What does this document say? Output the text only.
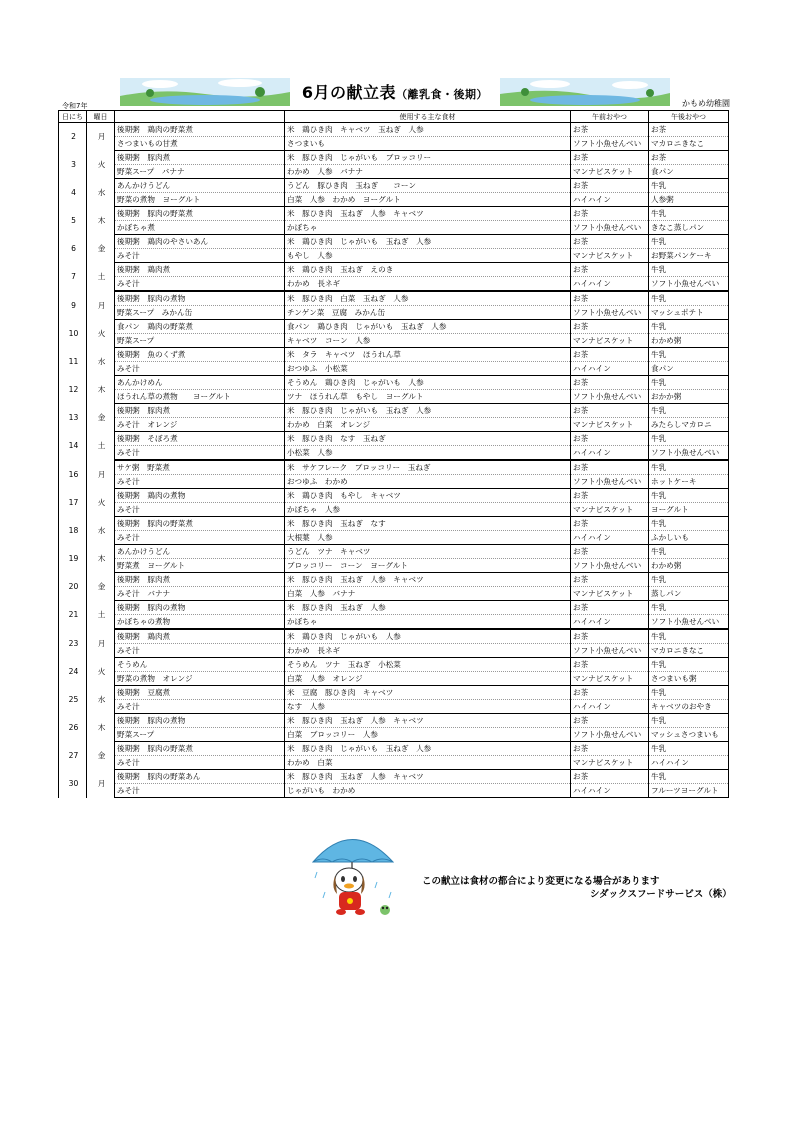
6月の献立表（離乳食・後期）
令和7年	かもめ幼稚園
日にち	曜日		使用する主な食材	午前おやつ	午後おやつ
2	月	後期粥　鶏肉の野菜煮	米　鶏ひき肉　キャベツ　玉ねぎ　人参	お茶	お茶
		さつまいもの甘煮	さつまいも	ソフト小魚せんべい	マカロニきなこ
3	火	後期粥　豚肉煮	米　豚ひき肉　じゃがいも　ブロッコリー	お茶	お茶
		野菜スープ　バナナ	わかめ　人参　バナナ	マンナビスケット	食パン
4	水	あんかけうどん	うどん　豚ひき肉　玉ねぎ　　コーン	お茶	牛乳
		野菜の煮物　ヨーグルト	白菜　人参　わかめ　ヨーグルト	ハイハイン	人参粥
5	木	後期粥　豚肉の野菜煮	米　豚ひき肉　玉ねぎ　人参　キャベツ	お茶	牛乳
		かぼちゃ煮	かぼちゃ	ソフト小魚せんべい	きなこ蒸しパン
6	金	後期粥　鶏肉のやさいあん	米　鶏ひき肉　じゃがいも　玉ねぎ　人参	お茶	牛乳
		みそ汁	もやし　人参	マンナビスケット	お野菜パンケーキ
7	土	後期粥　鶏肉煮	米　鶏ひき肉　玉ねぎ　えのき	お茶	牛乳
		みそ汁	わかめ　長ネギ	ハイハイン	ソフト小魚せんべい
9	月	後期粥　豚肉の煮物	米　豚ひき肉　白菜　玉ねぎ　人参	お茶	牛乳
		野菜スープ　みかん缶	チンゲン菜　豆腐　みかん缶	ソフト小魚せんべい	マッシュポテト
10	火	食パン　鶏肉の野菜煮	食パン　鶏ひき肉　じゃがいも　玉ねぎ　人参	お茶	牛乳
		野菜スープ	キャベツ　コーン　人参	マンナビスケット	わかめ粥
11	水	後期粥　魚のくず煮	米　タラ　キャベツ　ほうれん草	お茶	牛乳
		みそ汁	おつゆふ　小松菜	ハイハイン	食パン
12	木	あんかけめん	そうめん　鶏ひき肉　じゃがいも　人参	お茶	牛乳
		ほうれん草の煮物　　ヨーグルト	ツナ　ほうれん草　もやし　ヨーグルト	ソフト小魚せんべい	おかか粥
13	金	後期粥　豚肉煮	米　豚ひき肉　じゃがいも　玉ねぎ　人参	お茶	牛乳
		みそ汁　オレンジ	わかめ　白菜　オレンジ	マンナビスケット	みたらしマカロニ
14	土	後期粥　そぼろ煮	米　豚ひき肉　なす　玉ねぎ	お茶	牛乳
		みそ汁	小松菜　人参	ハイハイン	ソフト小魚せんべい
16	月	サケ粥　野菜煮	米　サケフレーク　ブロッコリー　玉ねぎ	お茶	牛乳
		みそ汁	おつゆふ　わかめ	ソフト小魚せんべい	ホットケーキ
17	火	後期粥　鶏肉の煮物	米　鶏ひき肉　もやし　キャベツ	お茶	牛乳
		みそ汁	かぼちゃ　人参	マンナビスケット	ヨーグルト
18	水	後期粥　豚肉の野菜煮	米　豚ひき肉　玉ねぎ　なす	お茶	牛乳
		みそ汁	大根葉　人参	ハイハイン	ふかしいも
19	木	あんかけうどん	うどん　ツナ　キャベツ	お茶	牛乳
		野菜煮　ヨーグルト	ブロッコリー　コーン　ヨーグルト	ソフト小魚せんべい	わかめ粥
20	金	後期粥　豚肉煮	米　豚ひき肉　玉ねぎ　人参　キャベツ	お茶	牛乳
		みそ汁　バナナ	白菜　人参　バナナ	マンナビスケット	蒸しパン
21	土	後期粥　豚肉の煮物	米　豚ひき肉　玉ねぎ　人参	お茶	牛乳
		かぼちゃの煮物	かぼちゃ	ハイハイン	ソフト小魚せんべい
23	月	後期粥　鶏肉煮	米　鶏ひき肉　じゃがいも　人参	お茶	牛乳
		みそ汁	わかめ　長ネギ	ソフト小魚せんべい	マカロニきなこ
24	火	そうめん	そうめん　ツナ　玉ねぎ　小松菜	お茶	牛乳
		野菜の煮物　オレンジ	白菜　人参　オレンジ	マンナビスケット	さつまいも粥
25	水	後期粥　豆腐煮	米　豆腐　豚ひき肉　キャベツ	お茶	牛乳
		みそ汁	なす　人参	ハイハイン	キャベツのおやき
26	木	後期粥　豚肉の煮物	米　豚ひき肉　玉ねぎ　人参　キャベツ	お茶	牛乳
		野菜スープ	白菜　ブロッコリー　人参	ソフト小魚せんべい	マッシュさつまいも
27	金	後期粥　豚肉の野菜煮	米　豚ひき肉　じゃがいも　玉ねぎ　人参	お茶	牛乳
		みそ汁	わかめ　白菜	マンナビスケット	ハイハイン
30	月	後期粥　豚肉の野菜あん	米　豚ひき肉　玉ねぎ　人参　キャベツ	お茶	牛乳
		みそ汁	じゃがいも　わかめ	ハイハイン	フルーツヨーグルト
この献立は食材の都合により変更になる場合があります
シダックスフードサービス（株）
